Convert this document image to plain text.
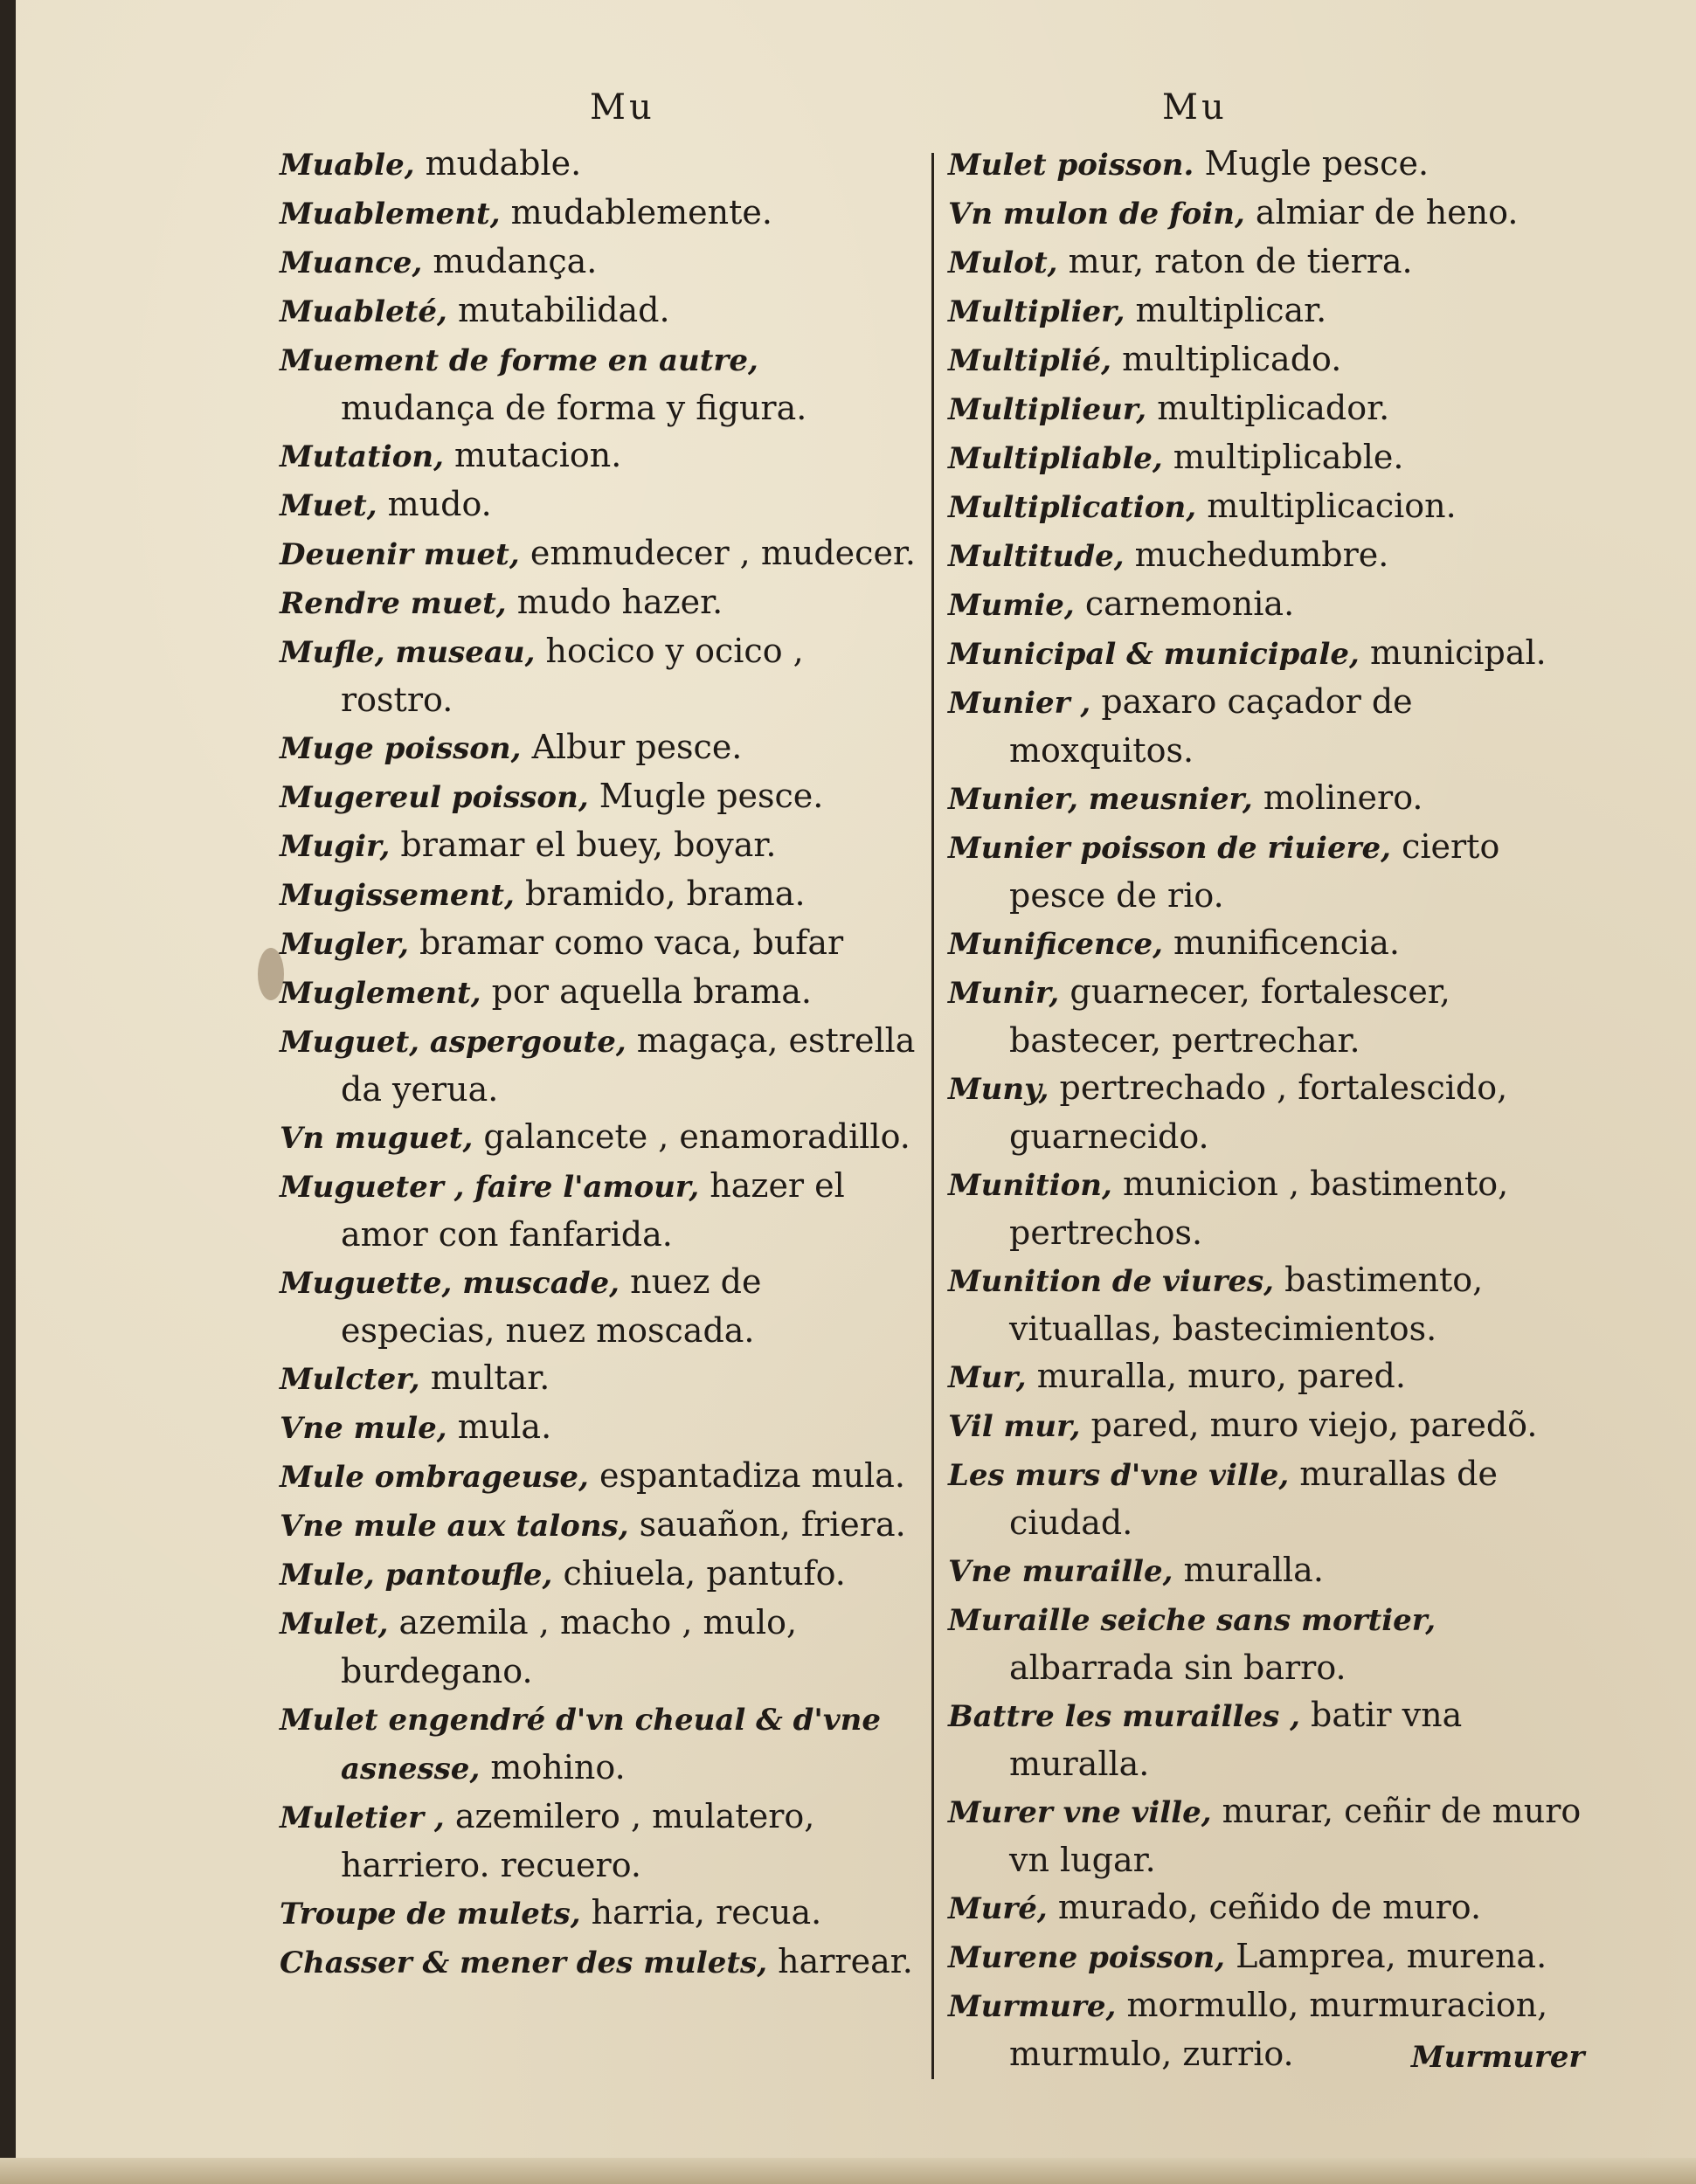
Mu	Mu
Muable, mudable.
Muablement, mudablemente.
Muance, mudança.
Muableté, mutabilidad.
Muement de forme en autre, mudança de forma y figura.
Mutation, mutacion.
Muet, mudo.
Deuenir muet, emmudecer , mudecer.
Rendre muet, mudo hazer.
Mufle, museau, hocico y ocico , rostro.
Muge poisson, Albur pesce.
Mugereul poisson, Mugle pesce.
Mugir, bramar el buey, boyar.
Mugissement, bramido, brama.
Mugler, bramar como vaca, bufar
Muglement, por aquella brama.
Muguet, aspergoute, magaça, estrella da yerua.
Vn muguet, galancete , enamoradillo.
Mugueter , faire l'amour, hazer el amor con fanfarida.
Muguette, muscade, nuez de especias, nuez moscada.
Mulcter, multar.
Vne mule, mula.
Mule ombrageuse, espantadiza mula.
Vne mule aux talons, sauañon, friera.
Mule, pantoufle, chiuela, pantufo.
Mulet, azemila , macho , mulo, burdegano.
Mulet engendré d'vn cheual & d'vne asnesse, mohino.
Muletier , azemilero , mulatero, harriero. recuero.
Troupe de mulets, harria, recua.
Chasser & mener des mulets, harrear.
Mulet poisson. Mugle pesce.
Vn mulon de foin, almiar de heno.
Mulot, mur, raton de tierra.
Multiplier, multiplicar.
Multiplié, multiplicado.
Multiplieur, multiplicador.
Multipliable, multiplicable.
Multiplication, multiplicacion.
Multitude, muchedumbre.
Mumie, carnemonia.
Municipal & municipale, municipal.
Munier , paxaro caçador de moxquitos.
Munier, meusnier, molinero.
Munier poisson de riuiere, cierto pesce de rio.
Munificence, munificencia.
Munir, guarnecer, fortalescer, bastecer, pertrechar.
Muny, pertrechado , fortalescido, guarnecido.
Munition, municion , bastimento, pertrechos.
Munition de viures, bastimento, vituallas, bastecimientos.
Mur, muralla, muro, pared.
Vil mur, pared, muro viejo, paredõ.
Les murs d'vne ville, murallas de ciudad.
Vne muraille, muralla.
Muraille seiche sans mortier, albarrada sin barro.
Battre les murailles , batir vna muralla.
Murer vne ville, murar, ceñir de muro vn lugar.
Muré, murado, ceñido de muro.
Murene poisson, Lamprea, murena.
Murmure, mormullo, murmuracion, murmulo, zurrio.	Murmurer
